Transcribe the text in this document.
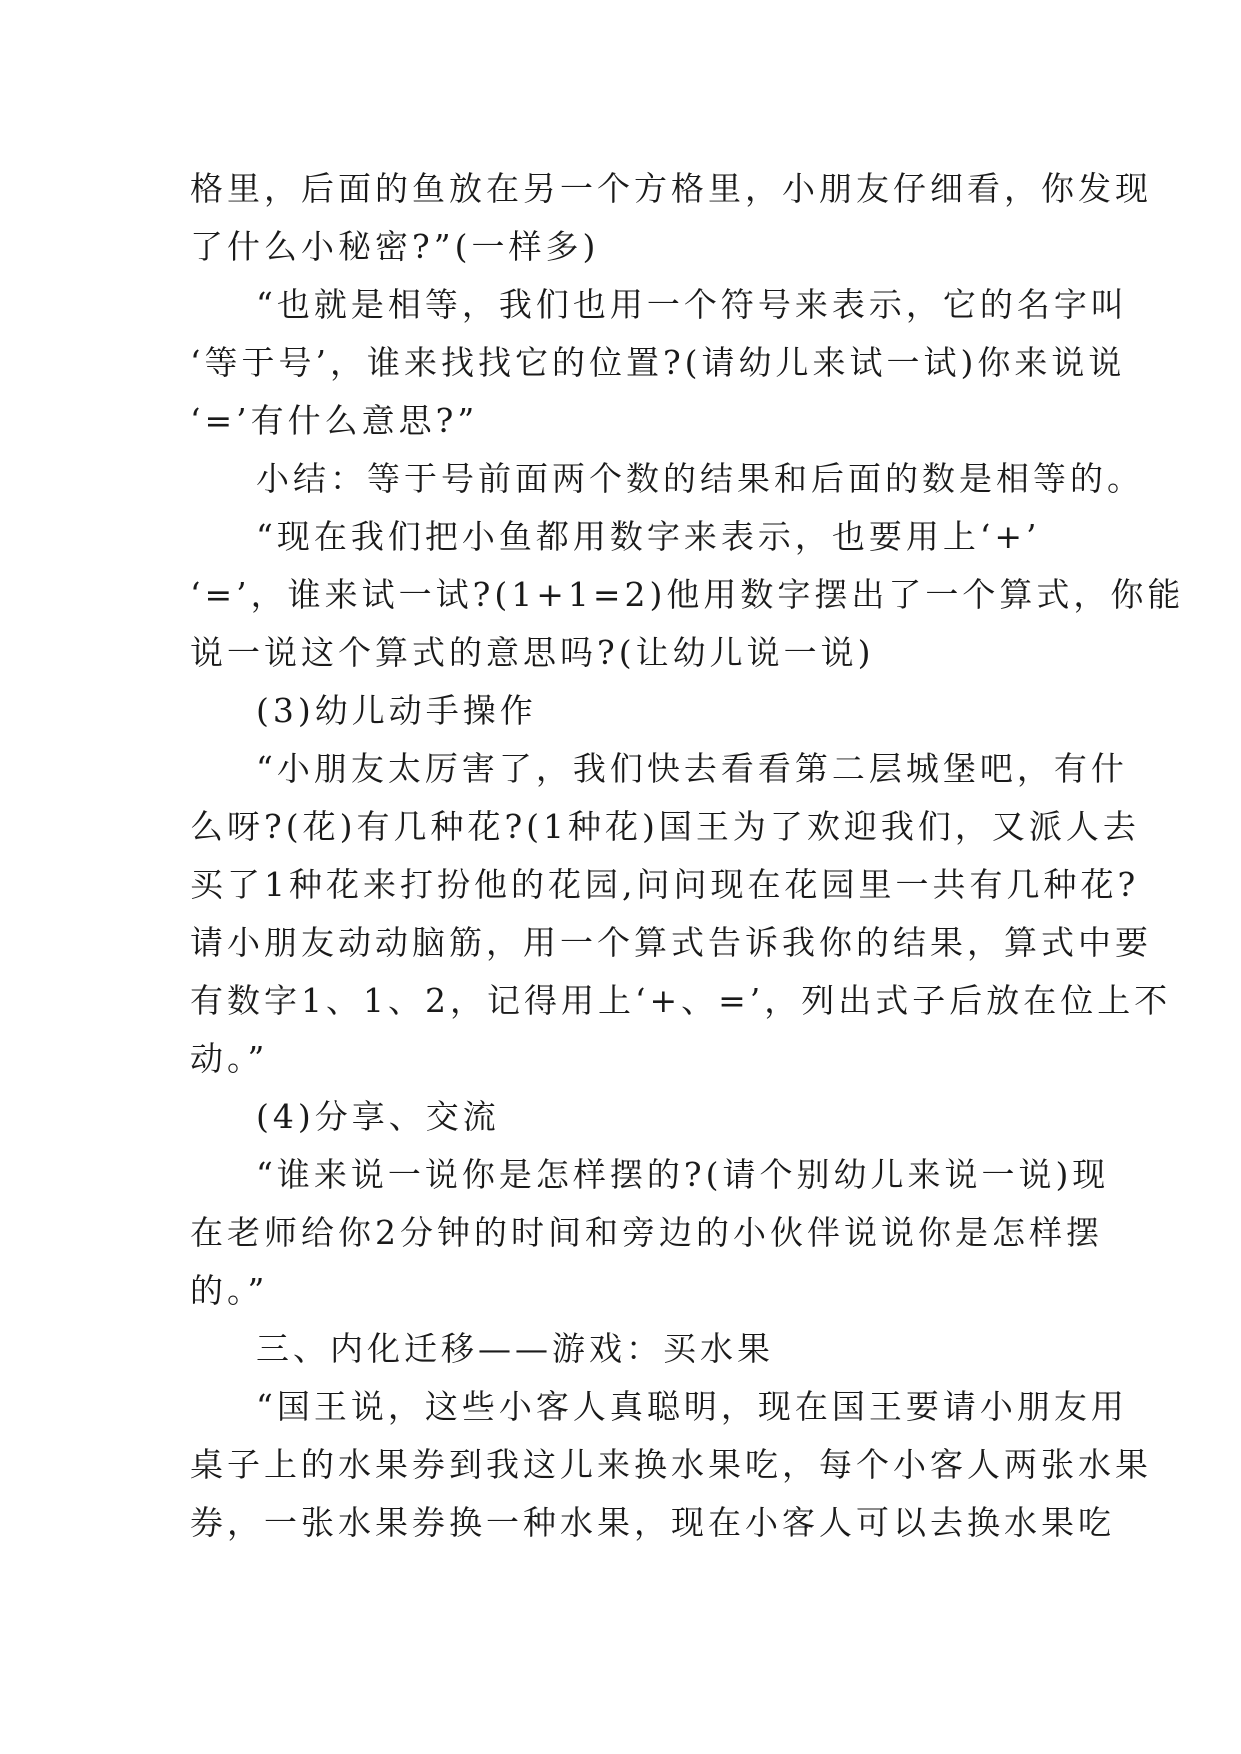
格里，后面的鱼放在另一个方格里，小朋友仔细看，你发现
了什么小秘密?”(一样多)
“也就是相等，我们也用一个符号来表示，它的名字叫
‘等于号’，谁来找找它的位置?(请幼儿来试一试)你来说说
‘=’有什么意思?”
小结：等于号前面两个数的结果和后面的数是相等的。
“现在我们把小鱼都用数字来表示，也要用上‘+’
‘=’，谁来试一试?(1+1=2)他用数字摆出了一个算式，你能
说一说这个算式的意思吗?(让幼儿说一说)
(3)幼儿动手操作
“小朋友太厉害了，我们快去看看第二层城堡吧，有什
么呀?(花)有几种花?(1种花)国王为了欢迎我们，又派人去
买了1种花来打扮他的花园,问问现在花园里一共有几种花?
请小朋友动动脑筋，用一个算式告诉我你的结果，算式中要
有数字1、1、2，记得用上‘+、=’，列出式子后放在位上不
动。”
(4)分享、交流
“谁来说一说你是怎样摆的?(请个别幼儿来说一说)现
在老师给你2分钟的时间和旁边的小伙伴说说你是怎样摆
的。”
三、内化迁移——游戏：买水果
“国王说，这些小客人真聪明，现在国王要请小朋友用
桌子上的水果券到我这儿来换水果吃，每个小客人两张水果
券，一张水果券换一种水果，现在小客人可以去换水果吃
